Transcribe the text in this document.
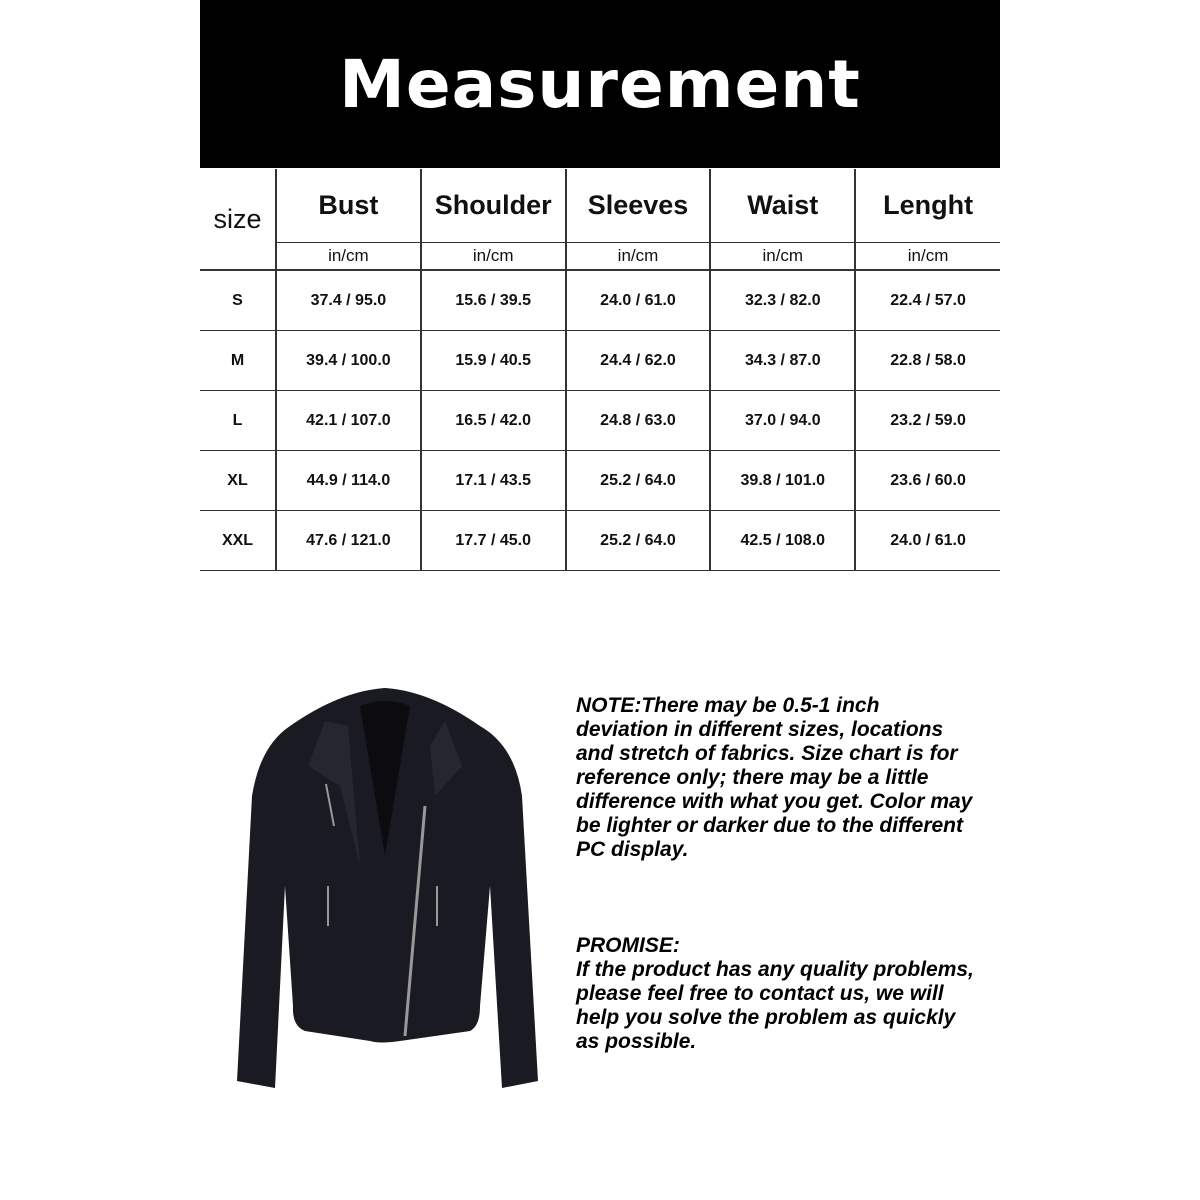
Measurement
size	Bust	Shoulder	Sleeves	Waist	Lenght
	in/cm	in/cm	in/cm	in/cm	in/cm
S	37.4 / 95.0	15.6 / 39.5	24.0 / 61.0	32.3 / 82.0	22.4 / 57.0
M	39.4 / 100.0	15.9 / 40.5	24.4 / 62.0	34.3 / 87.0	22.8 / 58.0
L	42.1 / 107.0	16.5 / 42.0	24.8 / 63.0	37.0 / 94.0	23.2 / 59.0
XL	44.9 / 114.0	17.1 / 43.5	25.2 / 64.0	39.8 / 101.0	23.6 / 60.0
XXL	47.6 / 121.0	17.7 / 45.0	25.2 / 64.0	42.5 / 108.0	24.0 / 61.0

NOTE:There may be 0.5-1 inch deviation in different sizes, locations and stretch of fabrics. Size chart is for reference only; there may be a little difference with what you get. Color may be lighter or darker due to the different PC display.

PROMISE:

If the product has any quality problems, please feel free to contact us, we will help you solve the problem as quickly as possible.
